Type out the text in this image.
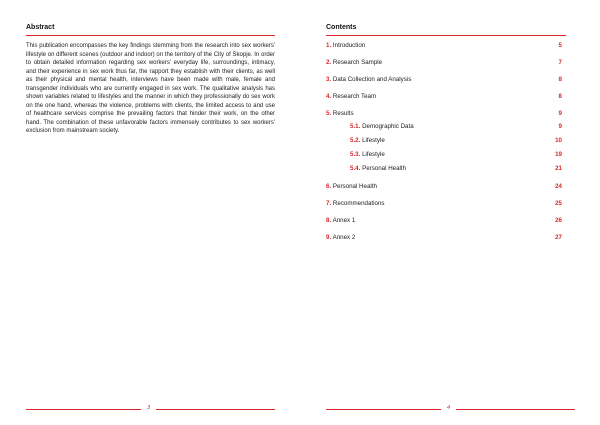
Abstract
This publication encompasses the key findings stemming from the research into sex workers' lifestyle on different scenes (outdoor and indoor) on the territory of the City of Skopje. In order to obtain detailed information regarding sex workers' everyday life, surroundings, intimacy, and their experience in sex work thus far, the rapport they establish with their clients, as well as their physical and mental health, interviews have been made with male, female and transgender individuals who are currently engaged in sex work. The qualitative analysis has shown variables related to lifestyles and the manner in which they professionally do sex work on the one hand, whereas the violence, problems with clients, the limited access to and use of healthcare services comprise the prevailing factors that hinder their work, on the other hand. The combination of these unfavorable factors immensely contributes to sex workers' exclusion from mainstream society.
3
Contents
1. Introduction	5
2. Research Sample	7
3. Data Collection and Analysis	8
4. Research Team	8
5. Results	9
5.1. Demographic Data	9
5.2. Lifestyle	10
5.3. Lifestyle	19
5.4. Personal Health	21
6. Personal Health	24
7. Recommendations	25
8. Annex 1	26
9. Annex 2	27
4
